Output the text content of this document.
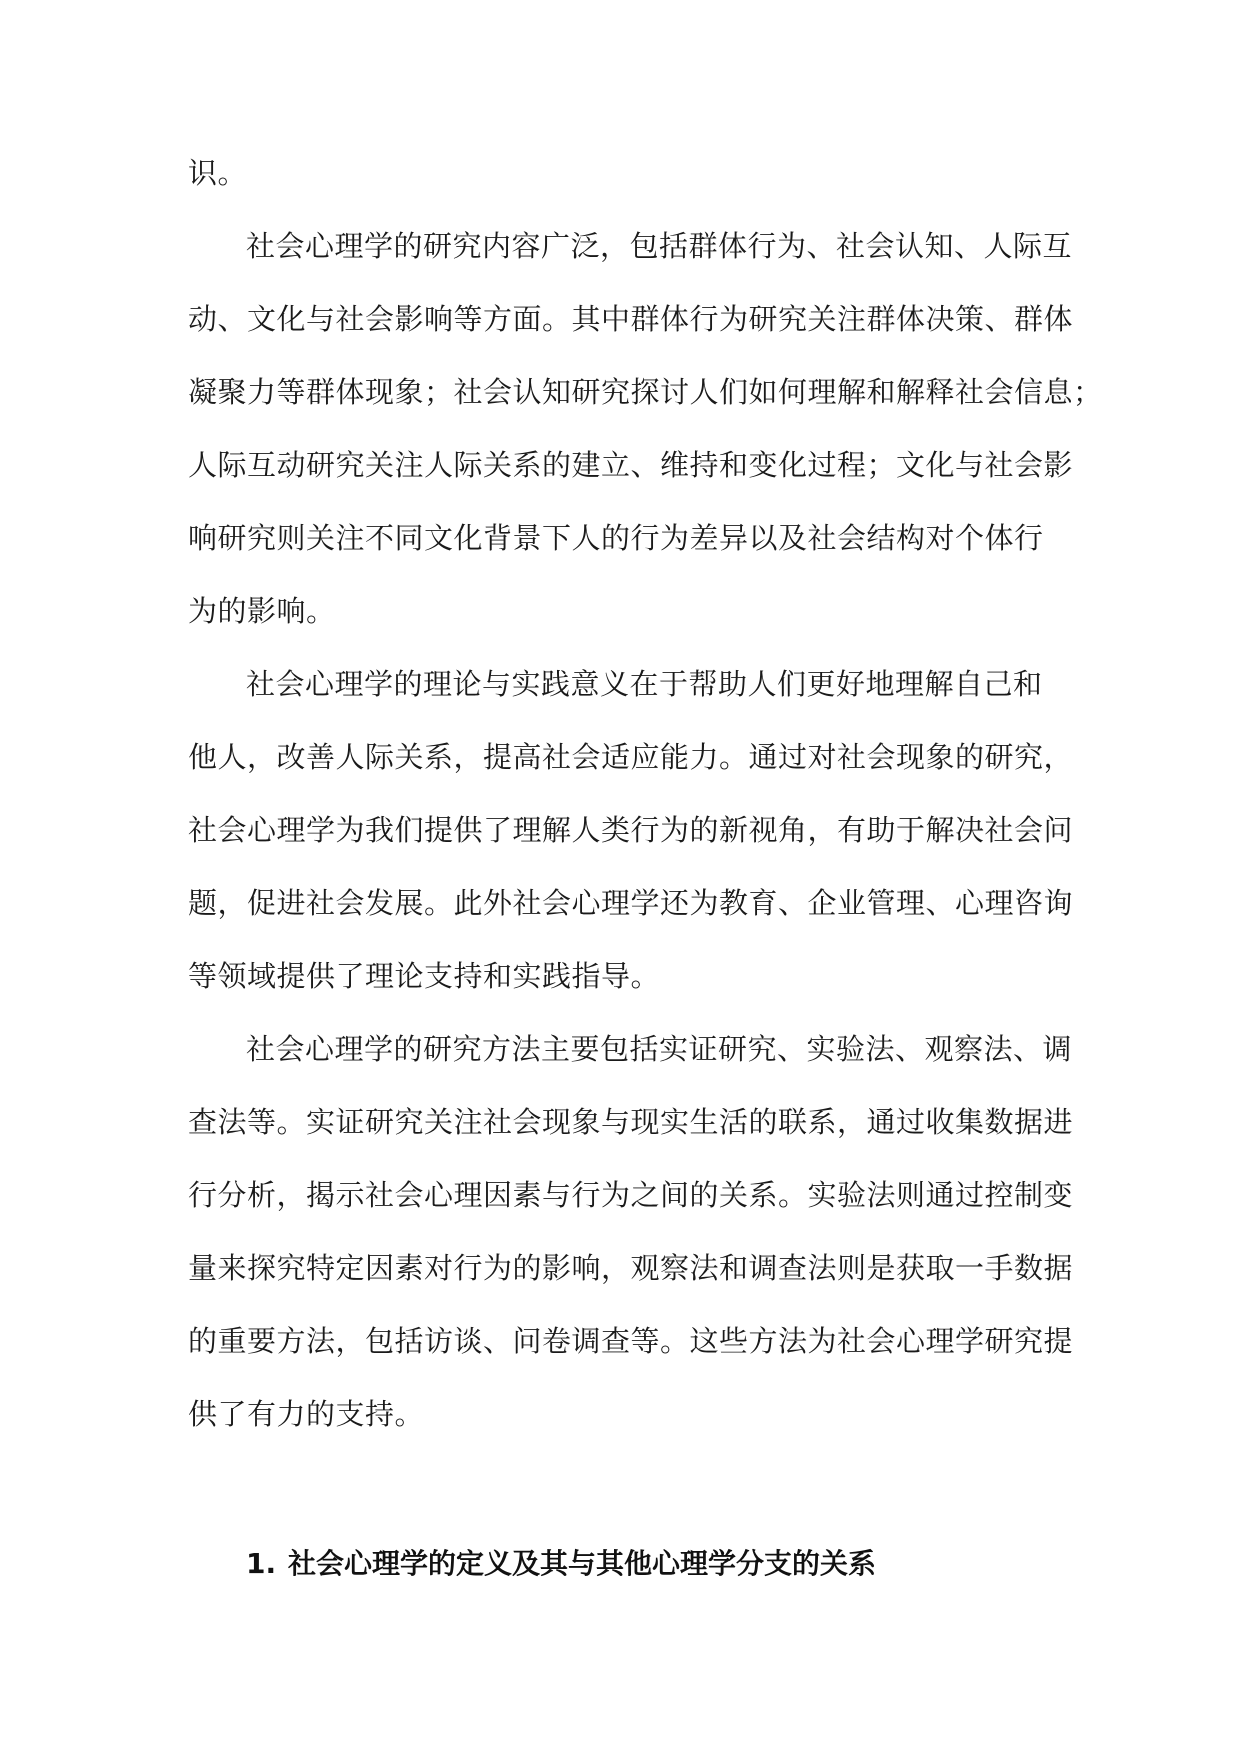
识。
社会心理学的研究内容广泛，包括群体行为、社会认知、人际互
动、文化与社会影响等方面。其中群体行为研究关注群体决策、群体
凝聚力等群体现象；社会认知研究探讨人们如何理解和解释社会信息；
人际互动研究关注人际关系的建立、维持和变化过程；文化与社会影
响研究则关注不同文化背景下人的行为差异以及社会结构对个体行
为的影响。
社会心理学的理论与实践意义在于帮助人们更好地理解自己和
他人，改善人际关系，提高社会适应能力。通过对社会现象的研究，
社会心理学为我们提供了理解人类行为的新视角，有助于解决社会问
题，促进社会发展。此外社会心理学还为教育、企业管理、心理咨询
等领域提供了理论支持和实践指导。
社会心理学的研究方法主要包括实证研究、实验法、观察法、调
查法等。实证研究关注社会现象与现实生活的联系，通过收集数据进
行分析，揭示社会心理因素与行为之间的关系。实验法则通过控制变
量来探究特定因素对行为的影响，观察法和调查法则是获取一手数据
的重要方法，包括访谈、问卷调查等。这些方法为社会心理学研究提
供了有力的支持。
1. 社会心理学的定义及其与其他心理学分支的关系
